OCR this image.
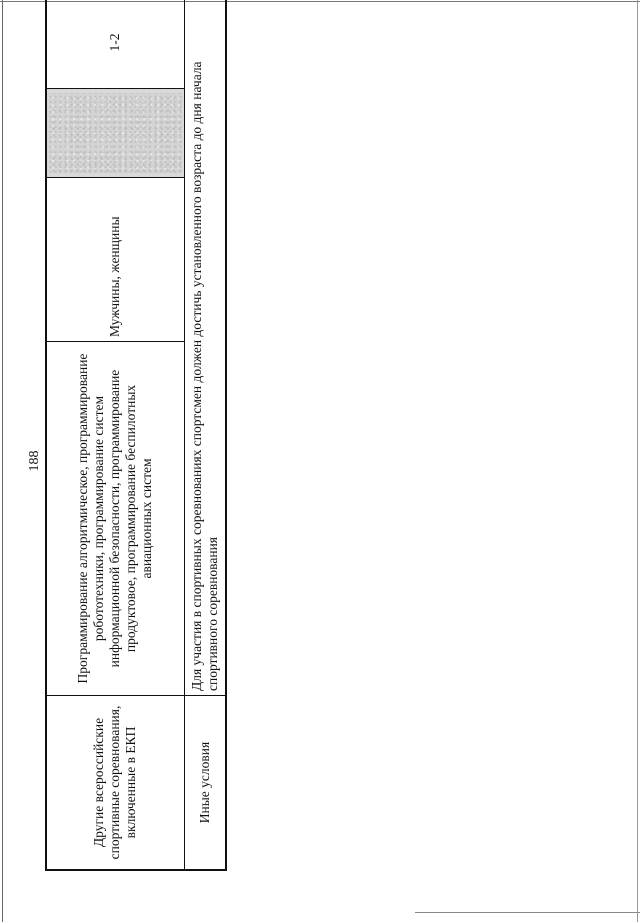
188
Другие всероссийские спортивные соревнования, включенные в ЕКП	Программирование алгоритмическое, программирование робототехники, программирование систем информационной безопасности, программирование продуктовое, программирование беспилотных авиационных систем	Мужчины, женщины		1-2
Иные условия	Для участия в спортивных соревнованиях спортсмен должен достичь установленного возраста до дня начала спортивного соревнования			
